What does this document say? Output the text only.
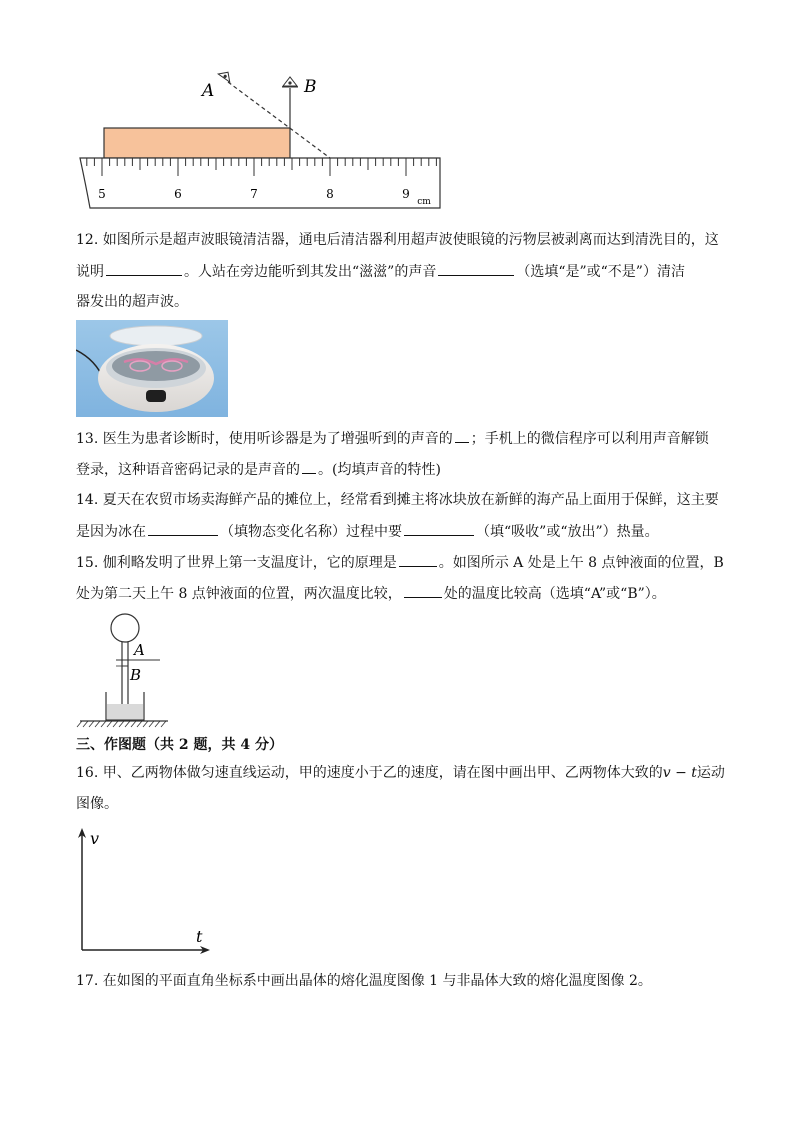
5	6	7	8	9
cm
A	B
12. 如图所示是超声波眼镜清洁器，通电后清洁器利用超声波使眼镜的污物层被剥离而达到清洗目的，这
说明	。人站在旁边能听到其发出“滋滋”的声音	（选填“是”或“不是”）清洁
器发出的超声波。
13. 医生为患者诊断时，使用听诊器是为了增强听到的声音的 ；手机上的微信程序可以利用声音解锁
登录，这种语音密码记录的是声音的 。(均填声音的特性)
14. 夏天在农贸市场卖海鲜产品的摊位上，经常看到摊主将冰块放在新鲜的海产品上面用于保鲜，这主要
是因为冰在	（填物态变化名称）过程中要	（填“吸收”或“放出”）热量。
15. 伽利略发明了世界上第一支温度计，它的原理是	。如图所示 A 处是上午 8 点钟液面的位置，B
处为第二天上午 8 点钟液面的位置，两次温度比较，	处的温度比较高（选填“A”或“B”）。
A
B
三、作图题（共 2 题，共 4 分）
16. 甲、乙两物体做匀速直线运动，甲的速度小于乙的速度，请在图中画出甲、乙两物体大致的v − t运动
图像。
v
t
17. 在如图的平面直角坐标系中画出晶体的熔化温度图像 1 与非晶体大致的熔化温度图像 2。
